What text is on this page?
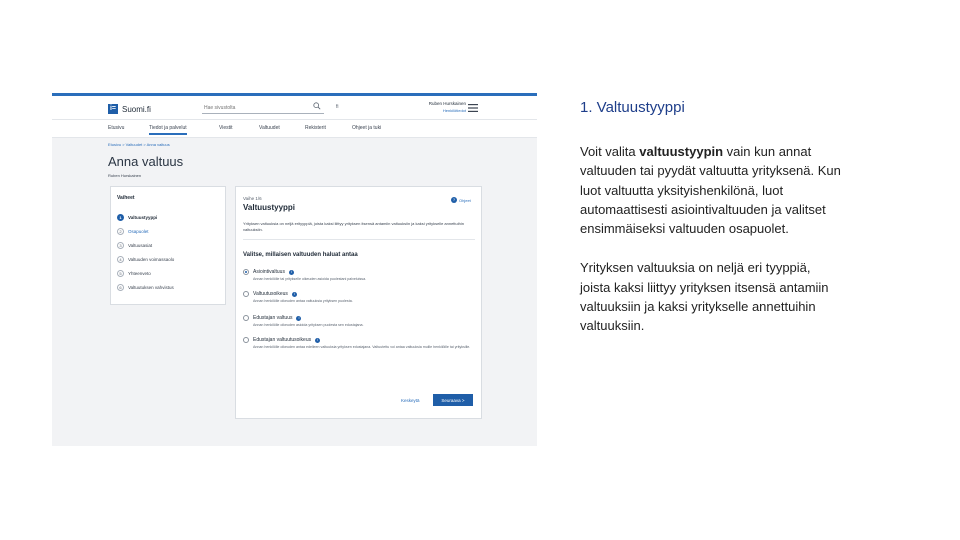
i= Suomi.fi
Hae sivustolta	fi
Ruben Hurskainen
Henkilötiedot
Etusivu	Tiedot ja palvelut	Viestit	Valtuudet	Rekisterit	Ohjeet ja tuki
Etusivu > Valtuudet > Anna valtuus
Anna valtuus
Ruben Hurskainen
Vaiheet
1	Valtuustyyppi
2	Osapuolet
3	Valtuusasiat
4	Valtuuden voimassaolo
5	Yhteenveto
6	Valtuutuksen vahvistus
Vaihe 1/6
Valtuustyyppi
? Ohjeet
Yrityksen valtuuksia on neljä erityyppiä, joista kaksi liittyy yrityksen itsensä antamiin valtuuksiin ja kaksi yritykselle annettuihin valtuuksiin.
Valitse, millaisen valtuuden haluat antaa
Asiointivaltuus	i
Annan henkilölle tai yritykselle oikeuden asioida puolestani palveluissa.
Valtuutusoikeus	i
Annan henkilölle oikeuden antaa valtuuksia yrityksen puolesta.
Edustajan valtuus	i
Annan henkilölle oikeuden asioida yrityksen puolesta sen edustajana.
Edustajan valtuutusoikeus	i
Annan henkilölle oikeuden antaa edelleen valtuuksia yrityksen edustajana. Valtuutettu voi antaa valtuuksia muille henkilöille tai yrityksille.
Keskeytä	Seuraava >
1. Valtuustyyppi

Voit valita valtuustyypin vain kun annat valtuuden tai pyydät valtuutta yrityksenä. Kun luot valtuutta yksityishenkilönä, luot automaattisesti asiointivaltuuden ja valitset ensimmäiseksi valtuuden osapuolet.

Yrityksen valtuuksia on neljä eri tyyppiä, joista kaksi liittyy yrityksen itsensä antamiin valtuuksiin ja kaksi yritykselle annettuihin valtuuksiin.
